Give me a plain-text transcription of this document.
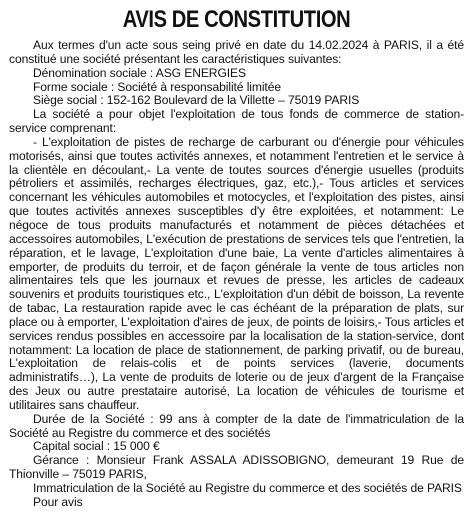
AVIS DE CONSTITUTION

Aux termes d'un acte sous seing privé en date du 14.02.2024 à PARIS, il a été constitué une société présentant les caractéristiques suivantes:

Dénomination sociale : ASG ENERGIES

Forme sociale : Société à responsabilité limitée

Siège social : 152-162 Boulevard de la Villette – 75019 PARIS

La société a pour objet l'exploitation de tous fonds de commerce de station-service comprenant:

- L'exploitation de pistes de recharge de carburant ou d'énergie pour véhicules motorisés, ainsi que toutes activités annexes, et notamment l'entretien et le service à la clientèle en découlant,- La vente de toutes sources d'énergie usuelles (produits pétroliers et assimilés, recharges électriques, gaz, etc.),- Tous articles et services concernant les véhicules automobiles et motocycles, et l'exploitation des pistes, ainsi que toutes activités annexes susceptibles d'y être exploitées, et notamment: Le négoce de tous produits manufacturés et notamment de pièces détachées et accessoires automobiles, L'exécution de prestations de services tels que l'entretien, la réparation, et le lavage, L'exploitation d'une baie, La vente d'articles alimentaires à emporter, de produits du terroir, et de façon générale la vente de tous articles non alimentaires tels que les journaux et revues de presse, les articles de cadeaux souvenirs et produits touristiques etc., L'exploitation d'un débit de boisson, La revente de tabac, La restauration rapide avec le cas échéant de la préparation de plats, sur place ou à emporter, L'exploitation d'aires de jeux, de points de loisirs,- Tous articles et services rendus possibles en accessoire par la localisation de la station-service, dont notamment: La location de place de stationnement, de parking privatif, ou de bureau, L'exploitation de relais-colis et de points services (laverie, documents administratifs…), La vente de produits de loterie ou de jeux d'argent de la Française des Jeux ou autre prestataire autorisé, La location de véhicules de tourisme et utilitaires sans chauffeur.

Durée de la Société : 99 ans à compter de la date de l'immatriculation de la Société au Registre du commerce et des sociétés

Capital social : 15 000 €

Gérance : Monsieur Frank ASSALA ADISSOBIGNO, demeurant 19 Rue de Thionville – 75019 PARIS,

Immatriculation de la Société au Registre du commerce et des sociétés de PARIS

Pour avis
